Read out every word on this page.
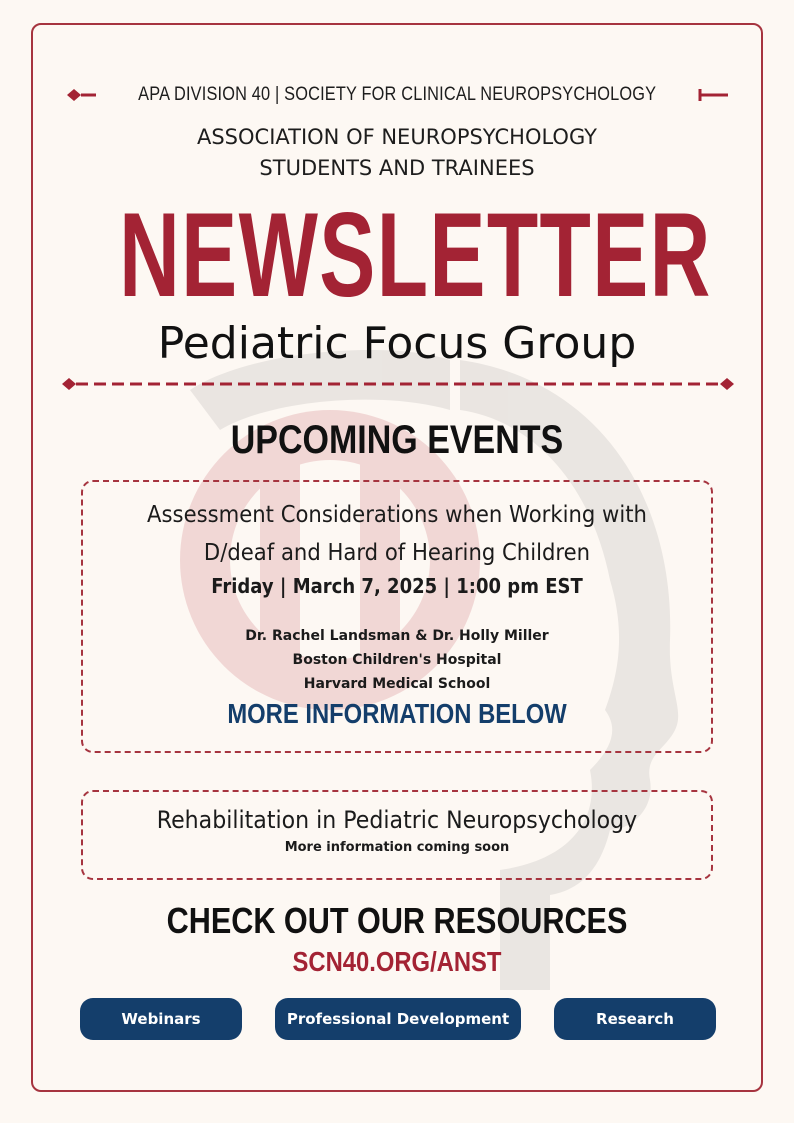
APA DIVISION 40 | SOCIETY FOR CLINICAL NEUROPSYCHOLOGY
ASSOCIATION OF NEUROPSYCHOLOGY
STUDENTS AND TRAINEES
NEWSLETTER
Pediatric Focus Group
UPCOMING EVENTS
Assessment Considerations when Working with
D/deaf and Hard of Hearing Children
Friday | March 7, 2025 | 1:00 pm EST
Dr. Rachel Landsman & Dr. Holly Miller
Boston Children's Hospital
Harvard Medical School
MORE INFORMATION BELOW
Rehabilitation in Pediatric Neuropsychology
More information coming soon
CHECK OUT OUR RESOURCES
SCN40.ORG/ANST
Webinars	Professional Development	Research
